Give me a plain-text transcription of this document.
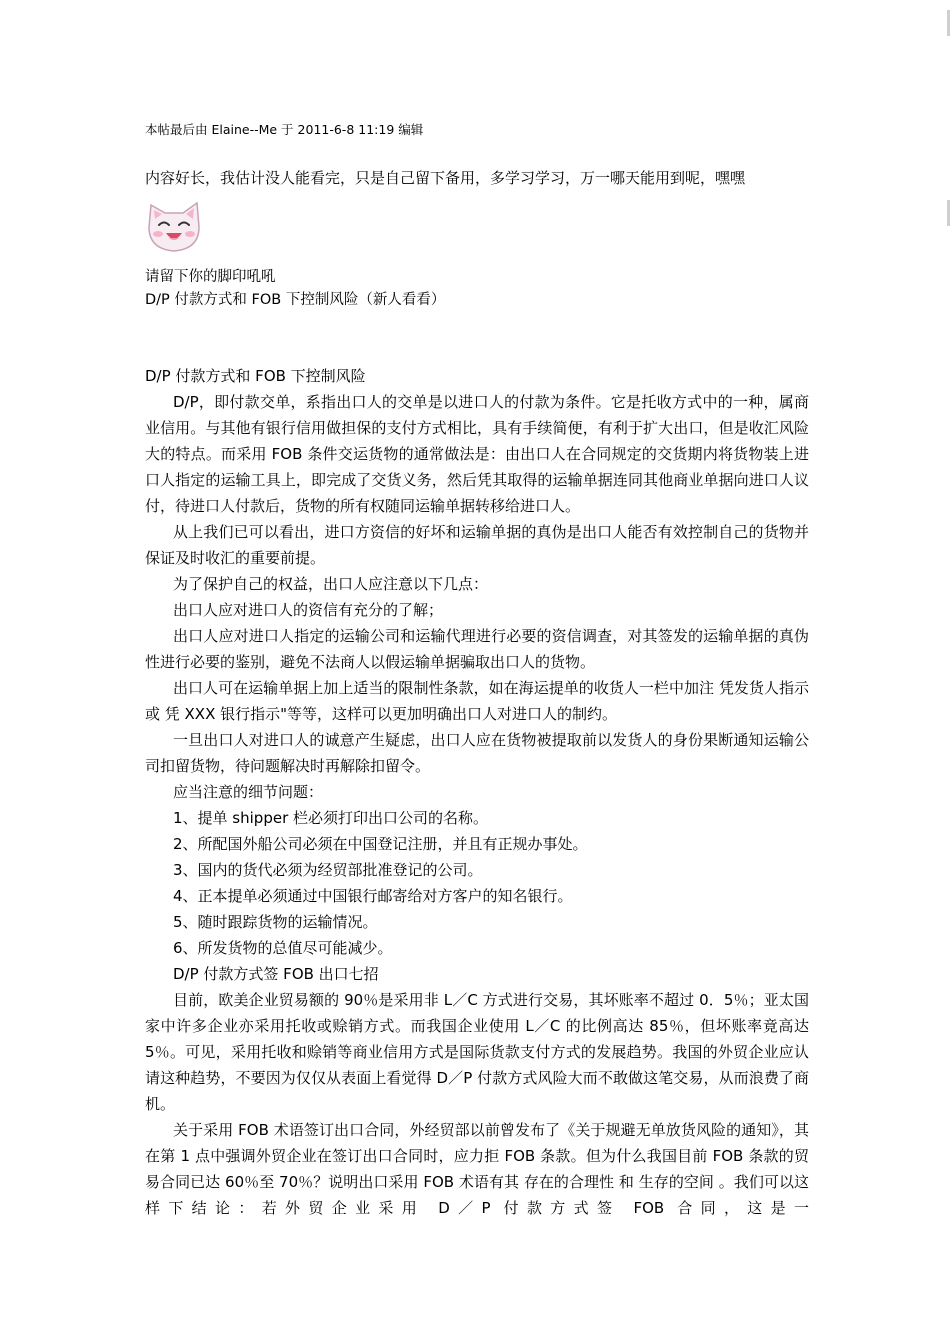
本帖最后由 Elaine--Me 于 2011-6-8 11:19 编辑
内容好长，我估计没人能看完，只是自己留下备用，多学习学习，万一哪天能用到呢，嘿嘿
请留下你的脚印吼吼
D/P 付款方式和 FOB 下控制风险（新人看看）

D/P 付款方式和 FOB 下控制风险

D/P，即付款交单，系指出口人的交单是以进口人的付款为条件。它是托收方式中的一种，属商业信用。与其他有银行信用做担保的支付方式相比，具有手续简便，有利于扩大出口，但是收汇风险大的特点。而采用 FOB 条件交运货物的通常做法是：由出口人在合同规定的交货期内将货物装上进口人指定的运输工具上，即完成了交货义务，然后凭其取得的运输单据连同其他商业单据向进口人议付，待进口人付款后，货物的所有权随同运输单据转移给进口人。

从上我们已可以看出，进口方资信的好坏和运输单据的真伪是出口人能否有效控制自己的货物并保证及时收汇的重要前提。

为了保护自己的权益，出口人应注意以下几点：

出口人应对进口人的资信有充分的了解；

出口人应对进口人指定的运输公司和运输代理进行必要的资信调查，对其签发的运输单据的真伪性进行必要的鉴别，避免不法商人以假运输单据骗取出口人的货物。

出口人可在运输单据上加上适当的限制性条款，如在海运提单的收货人一栏中加注 凭发货人指示 或 凭 XXX 银行指示"等等，这样可以更加明确出口人对进口人的制约。

一旦出口人对进口人的诚意产生疑虑，出口人应在货物被提取前以发货人的身份果断通知运输公司扣留货物，待问题解决时再解除扣留令。

应当注意的细节问题：

1、提单 shipper 栏必须打印出口公司的名称。

2、所配国外船公司必须在中国登记注册，并且有正规办事处。

3、国内的货代必须为经贸部批准登记的公司。

4、正本提单必须通过中国银行邮寄给对方客户的知名银行。

5、随时跟踪货物的运输情况。

6、所发货物的总值尽可能减少。

D/P 付款方式签 FOB 出口七招

目前，欧美企业贸易额的 90％是采用非 L／C 方式进行交易，其坏账率不超过 0．5％；亚太国家中许多企业亦采用托收或赊销方式。而我国企业使用 L／C 的比例高达 85％，但坏账率竟高达 5％。可见，采用托收和赊销等商业信用方式是国际货款支付方式的发展趋势。我国的外贸企业应认请这种趋势，不要因为仅仅从表面上看觉得 D／P 付款方式风险大而不敢做这笔交易，从而浪费了商机。

关于采用 FOB 术语签订出口合同，外经贸部以前曾发布了《关于规避无单放货风险的通知》，其在第 1 点中强调外贸企业在签订出口合同时，应力拒 FOB 条款。但为什么我国目前 FOB 条款的贸易合同已达 60％至 70％？说明出口采用 FOB 术语有其 存在的合理性 和 生存的空间 。我们可以这样下结论：若外贸企业采用 D／P 付款方式签 FOB 合同，这是一
